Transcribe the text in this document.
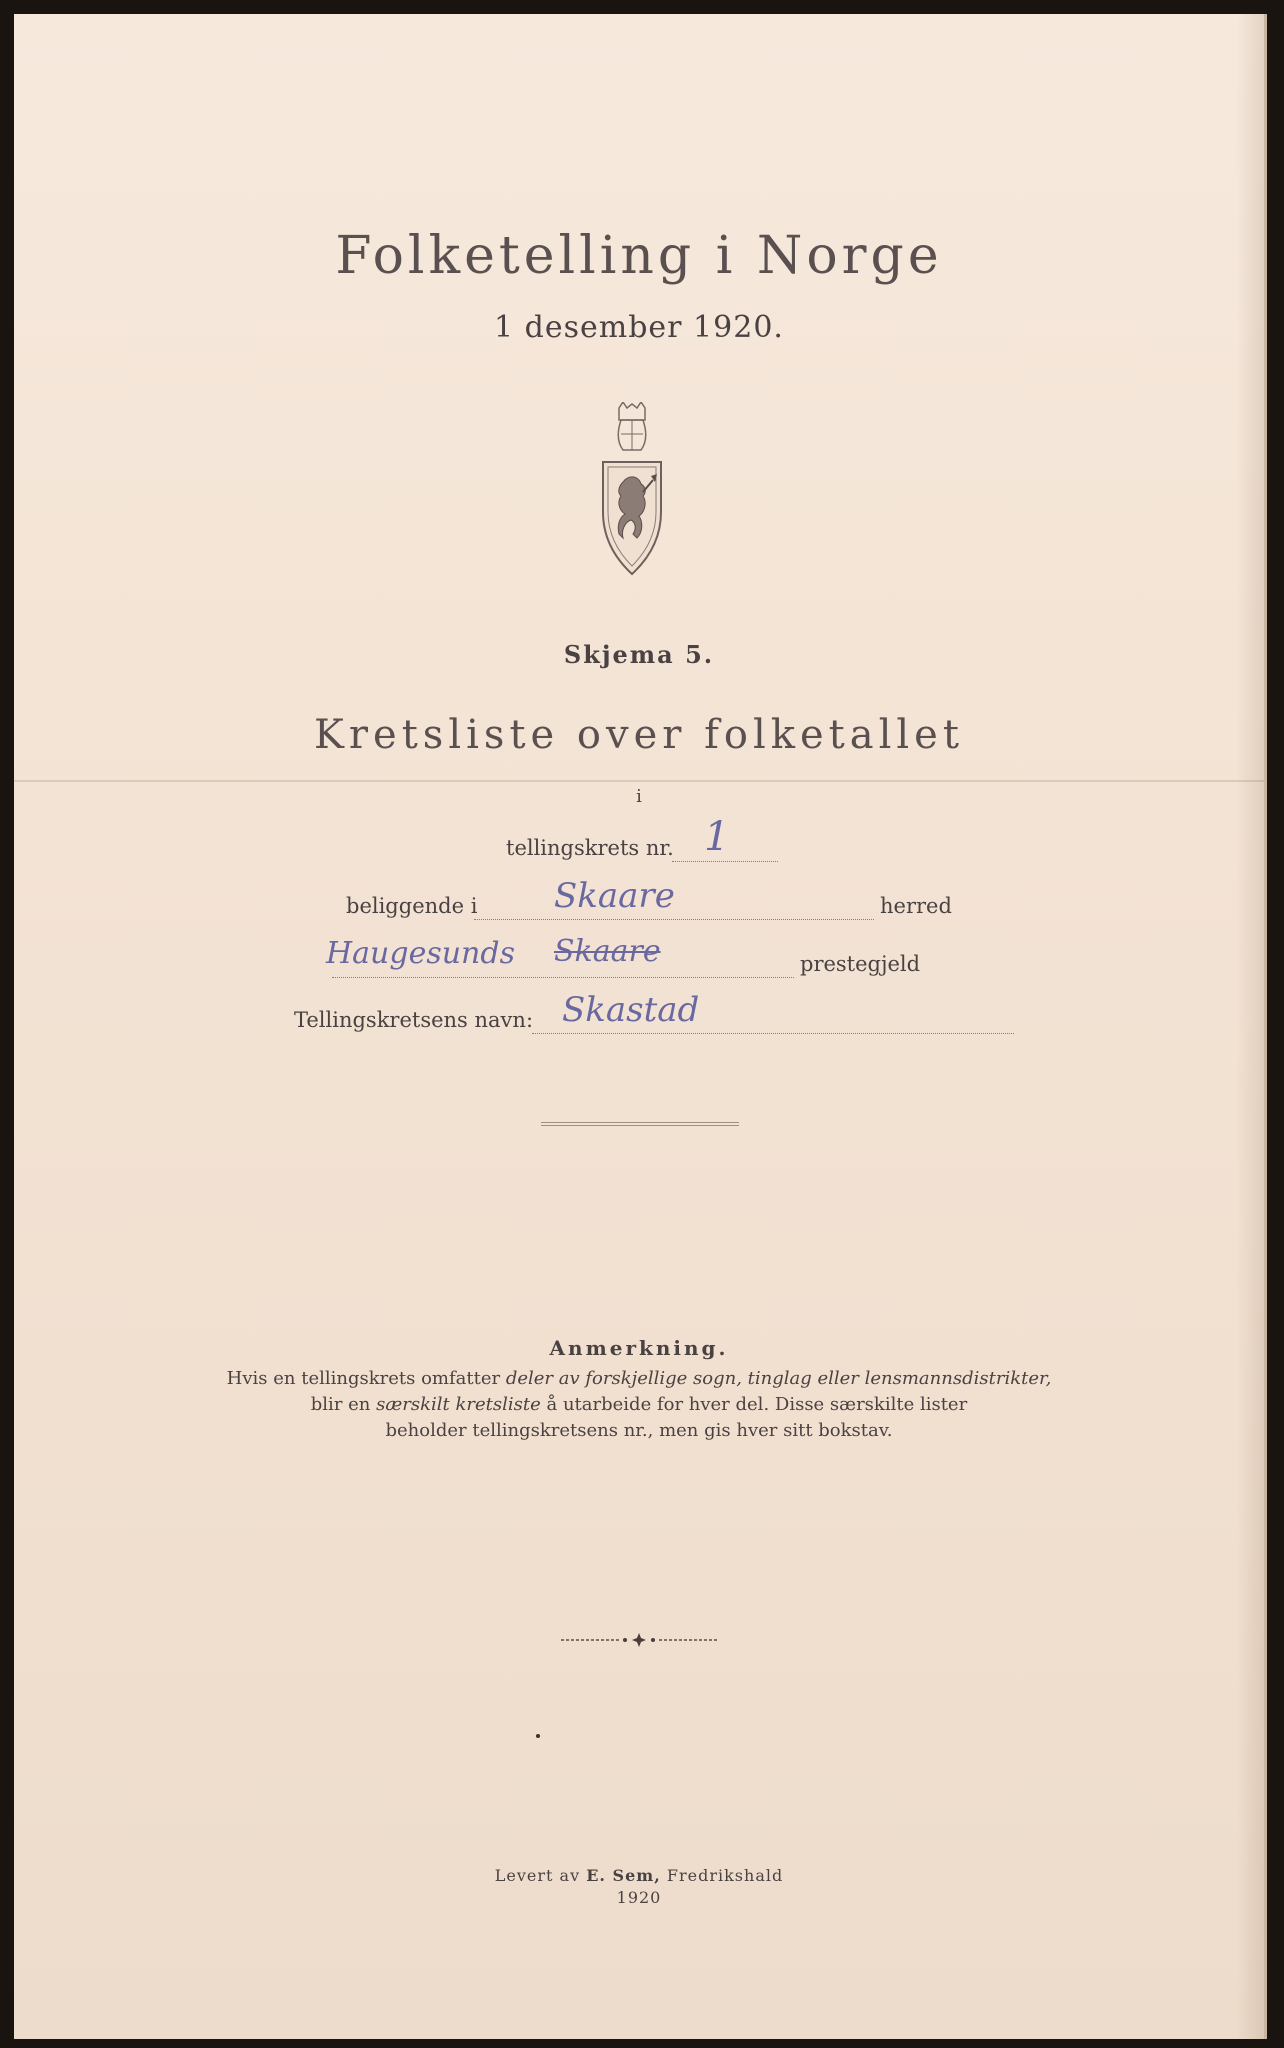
Folketelling i Norge
1 desember 1920.
Skjema 5.
Kretsliste over folketallet
i
tellingskrets nr. 1
beliggende i Skaare	herred
Haugesunds Skaare	prestegjeld
Tellingskretsens navn: Skastad
Anmerkning.
Hvis en tellingskrets omfatter deler av forskjellige sogn, tinglag eller lensmannsdistrikter,
blir en særskilt kretsliste å utarbeide for hver del. Disse særskilte lister
beholder tellingskretsens nr., men gis hver sitt bokstav.
Levert av E. Sem, Fredrikshald
1920
